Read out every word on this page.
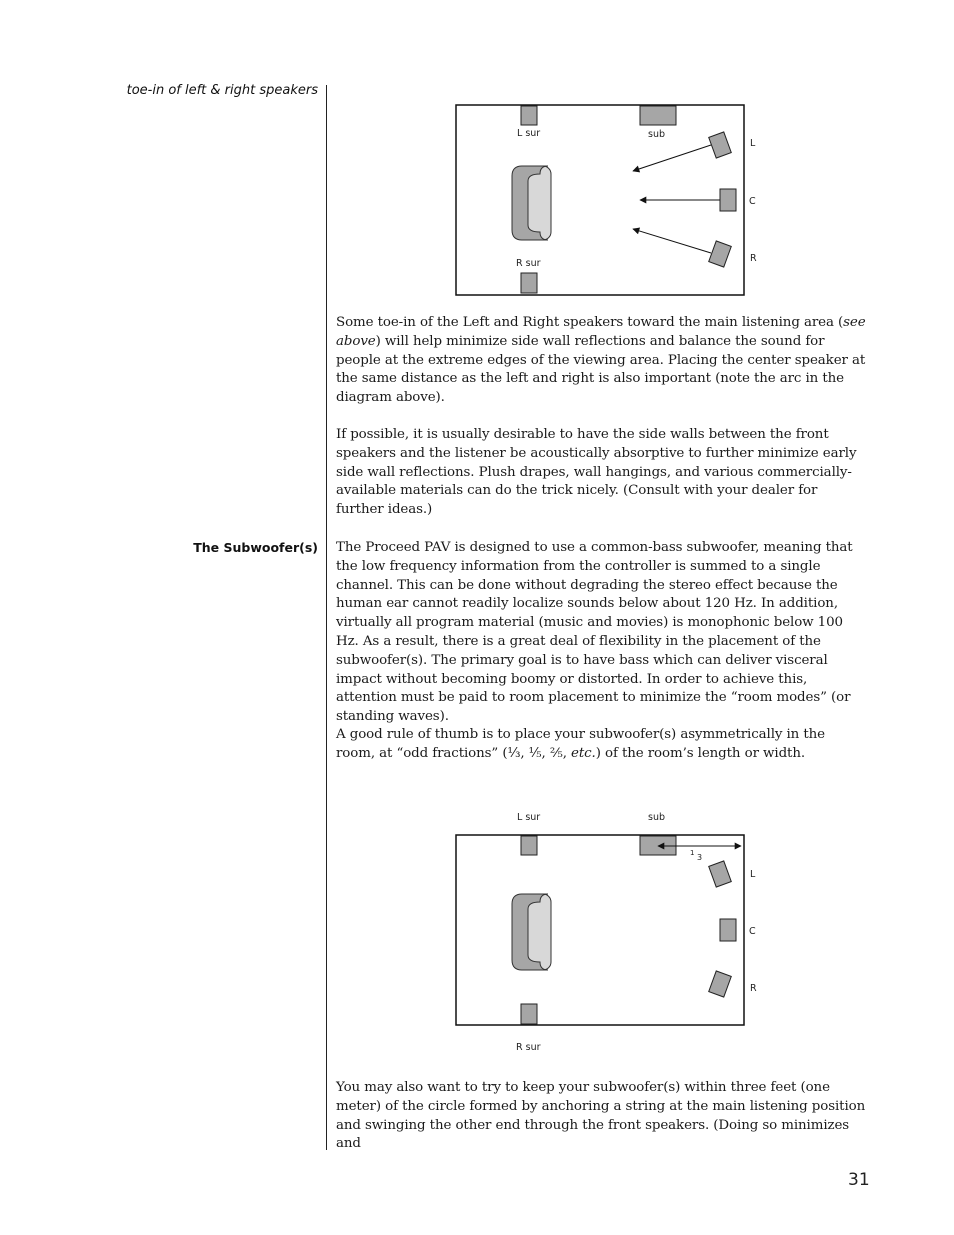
toe-in of left & right speakers
The Subwoofer(s)
L sur	sub
L
C
R
R sur

Some toe-in of the Left and Right speakers toward the main listening area (see above) will help minimize side wall reflections and balance the sound for people at the extreme edges of the viewing area. Placing the center speaker at the same distance as the left and right is also important (note the arc in the diagram above).

If possible, it is usually desirable to have the side walls between the front speakers and the listener be acoustically absorptive to further minimize early side wall reflections. Plush drapes, wall hangings, and various commercially-available materials can do the trick nicely. (Consult with your dealer for further ideas.)

The Proceed PAV is designed to use a common-bass subwoofer, meaning that the low frequency information from the controller is summed to a single channel. This can be done without degrading the stereo effect because the human ear cannot readily localize sounds below about 120 Hz. In addition, virtually all program material (music and movies) is monophonic below 100 Hz. As a result, there is a great deal of flexibility in the placement of the subwoofer(s). The primary goal is to have bass which can deliver visceral impact without becoming boomy or distorted. In order to achieve this, attention must be paid to room placement to minimize the “room modes” (or standing waves).

A good rule of thumb is to place your subwoofer(s) asymmetrically in the room, at “odd fractions” (⅓, ⅕, ⅖, etc.) of the room’s length or width.

1 3
L sur	sub
L
C
R
R sur

You may also want to try to keep your subwoofer(s) within three feet (one meter) of the circle formed by anchoring a string at the main listening position and swinging the other end through the front speakers. (Doing so minimizes and

31
